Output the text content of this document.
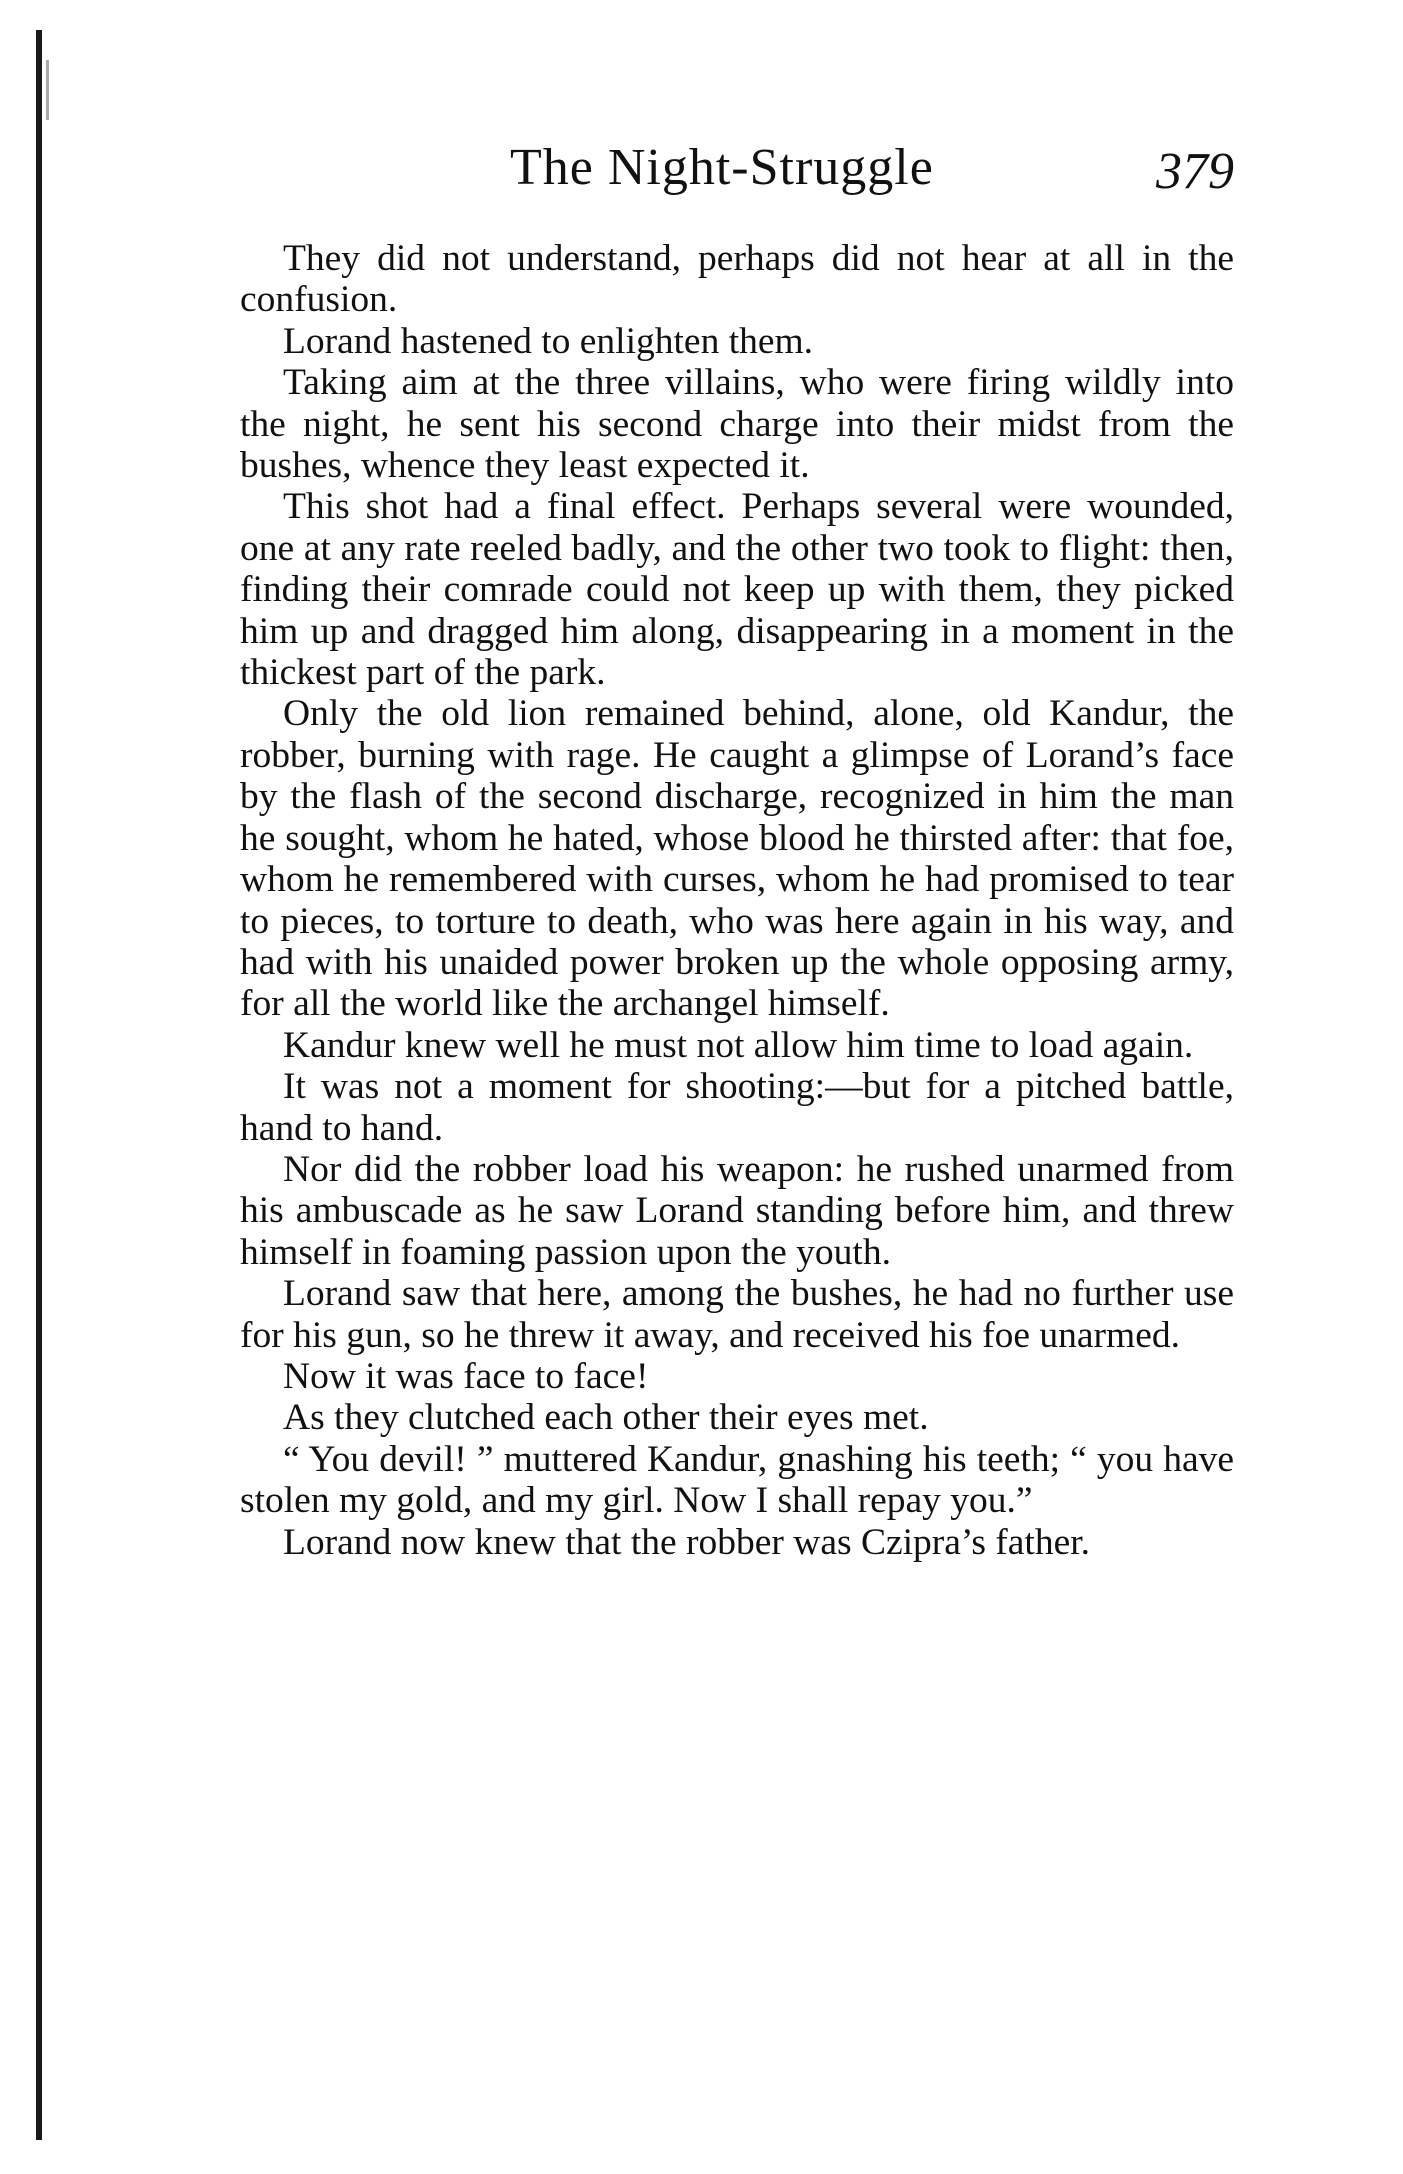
The Night-Struggle	379

They did not understand, perhaps did not hear at all in the confusion.

Lorand hastened to enlighten them.

Taking aim at the three villains, who were firing wildly into the night, he sent his second charge into their midst from the bushes, whence they least expected it.

This shot had a final effect. Perhaps several were wounded, one at any rate reeled badly, and the other two took to flight: then, finding their comrade could not keep up with them, they picked him up and dragged him along, disappearing in a moment in the thickest part of the park.

Only the old lion remained behind, alone, old Kandur, the robber, burning with rage. He caught a glimpse of Lorand’s face by the flash of the second discharge, recognized in him the man he sought, whom he hated, whose blood he thirsted after: that foe, whom he remembered with curses, whom he had promised to tear to pieces, to torture to death, who was here again in his way, and had with his unaided power broken up the whole opposing army, for all the world like the archangel himself.

Kandur knew well he must not allow him time to load again.

It was not a moment for shooting:—but for a pitched battle, hand to hand.

Nor did the robber load his weapon: he rushed unarmed from his ambuscade as he saw Lorand standing before him, and threw himself in foaming passion upon the youth.

Lorand saw that here, among the bushes, he had no further use for his gun, so he threw it away, and received his foe unarmed.

Now it was face to face!

As they clutched each other their eyes met.

“ You devil! ” muttered Kandur, gnashing his teeth; “ you have stolen my gold, and my girl. Now I shall repay you.”

Lorand now knew that the robber was Czipra’s father.
